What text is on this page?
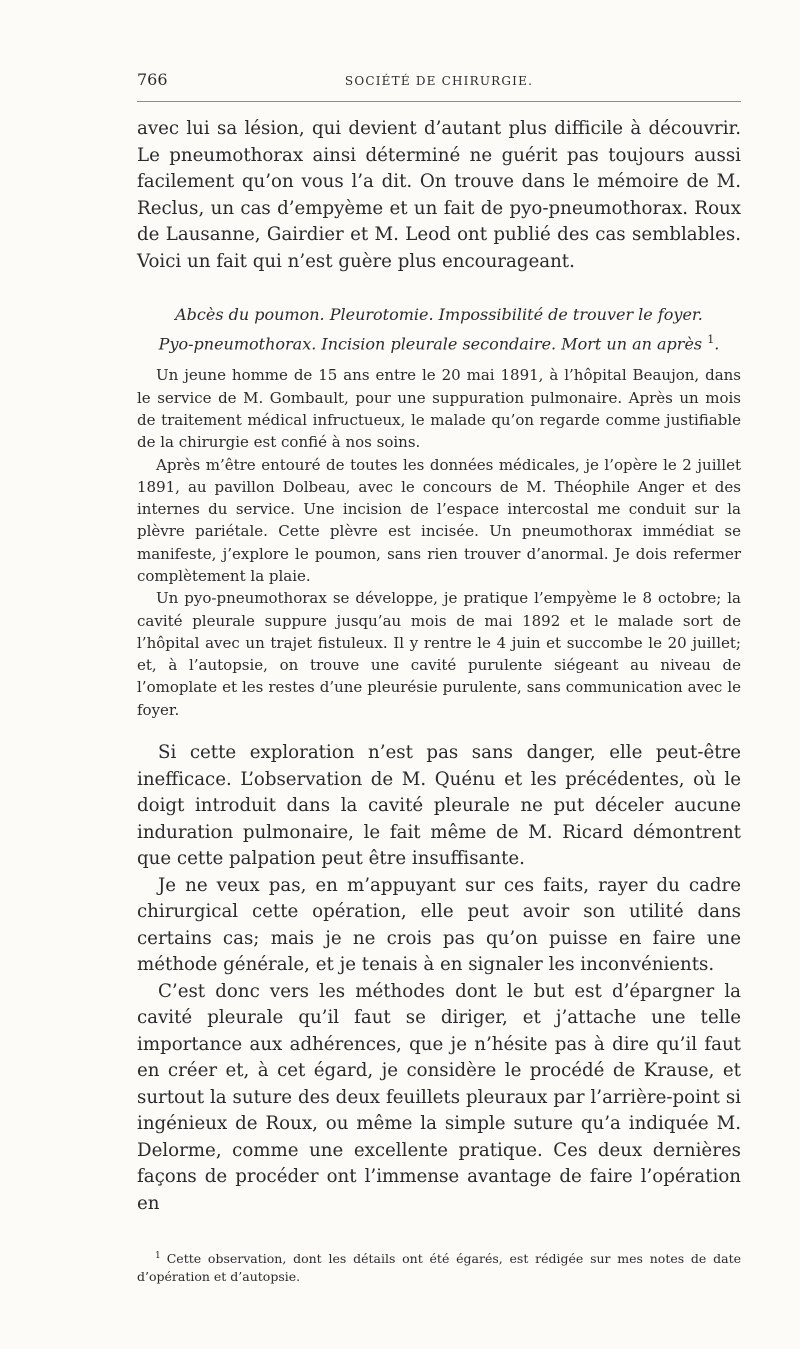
766	SOCIÉTÉ DE CHIRURGIE.

avec lui sa lésion, qui devient d’autant plus difficile à découvrir. Le pneumothorax ainsi déterminé ne guérit pas toujours aussi facilement qu’on vous l’a dit. On trouve dans le mémoire de M. Reclus, un cas d’empyème et un fait de pyo-pneumothorax. Roux de Lausanne, Gairdier et M. Leod ont publié des cas semblables. Voici un fait qui n’est guère plus encourageant.

Abcès du poumon. Pleurotomie. Impossibilité de trouver le foyer.
Pyo-pneumothorax. Incision pleurale secondaire. Mort un an après $^1$.

Un jeune homme de 15 ans entre le 20 mai 1891, à l’hôpital Beaujon, dans le service de M. Gombault, pour une suppuration pulmonaire. Après un mois de traitement médical infructueux, le malade qu’on regarde comme justifiable de la chirurgie est confié à nos soins.

Après m’être entouré de toutes les données médicales, je l’opère le 2 juillet 1891, au pavillon Dolbeau, avec le concours de M. Théophile Anger et des internes du service. Une incision de l’espace intercostal me conduit sur la plèvre pariétale. Cette plèvre est incisée. Un pneumothorax immédiat se manifeste, j’explore le poumon, sans rien trouver d’anormal. Je dois refermer complètement la plaie.

Un pyo-pneumothorax se développe, je pratique l’empyème le 8 octobre; la cavité pleurale suppure jusqu’au mois de mai 1892 et le malade sort de l’hôpital avec un trajet fistuleux. Il y rentre le 4 juin et succombe le 20 juillet; et, à l’autopsie, on trouve une cavité purulente siégeant au niveau de l’omoplate et les restes d’une pleurésie purulente, sans communication avec le foyer.

Si cette exploration n’est pas sans danger, elle peut-être inefficace. L’observation de M. Quénu et les précédentes, où le doigt introduit dans la cavité pleurale ne put déceler aucune induration pulmonaire, le fait même de M. Ricard démontrent que cette palpation peut être insuffisante.

Je ne veux pas, en m’appuyant sur ces faits, rayer du cadre chirurgical cette opération, elle peut avoir son utilité dans certains cas; mais je ne crois pas qu’on puisse en faire une méthode générale, et je tenais à en signaler les inconvénients.

C’est donc vers les méthodes dont le but est d’épargner la cavité pleurale qu’il faut se diriger, et j’attache une telle importance aux adhérences, que je n’hésite pas à dire qu’il faut en créer et, à cet égard, je considère le procédé de Krause, et surtout la suture des deux feuillets pleuraux par l’arrière-point si ingénieux de Roux, ou même la simple suture qu’a indiquée M. Delorme, comme une excellente pratique. Ces deux dernières façons de procéder ont l’immense avantage de faire l’opération en

$^1$ Cette observation, dont les détails ont été égarés, est rédigée sur mes notes de date d’opération et d’autopsie.
